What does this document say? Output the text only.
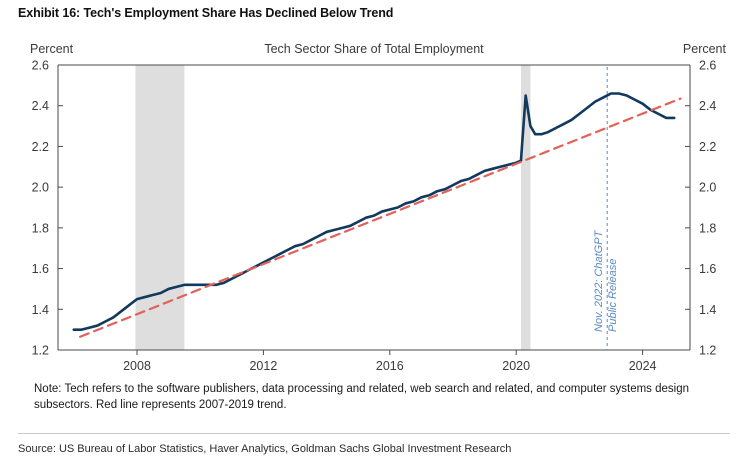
Exhibit 16: Tech's Employment Share Has Declined Below Trend
Percent	Percent
Tech Sector Share of Total Employment
1.2	1.2
1.4	1.4
1.6	1.6
1.8	1.8
2.0	2.0
2.2	2.2
2.4	2.4
2.6	2.6
2008	2012	2016	2020	2024
Nov. 2022: ChatGPT Public Release
Note: Tech refers to the software publishers, data processing and related, web search and related, and computer systems design subsectors. Red line represents 2007-2019 trend.
Source: US Bureau of Labor Statistics, Haver Analytics, Goldman Sachs Global Investment Research
